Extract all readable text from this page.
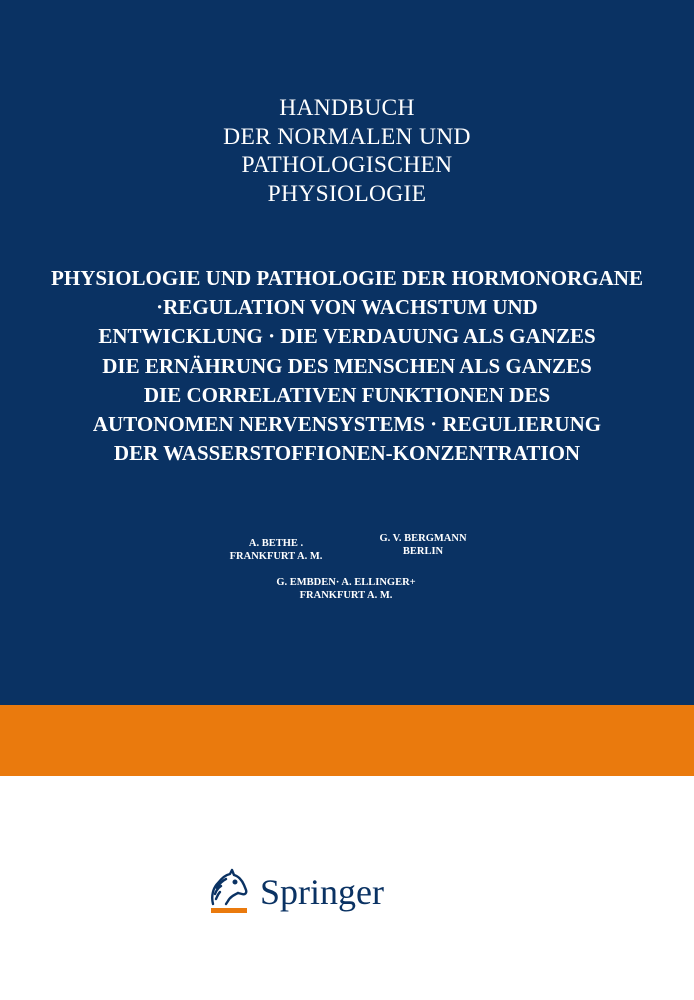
HANDBUCH
DER NORMALEN UND
PATHOLOGISCHEN
PHYSIOLOGIE
PHYSIOLOGIE UND PATHOLOGIE DER HORMONORGANE
·REGULATION VON WACHSTUM UND
ENTWICKLUNG · DIE VERDAUUNG ALS GANZES
DIE ERNÄHRUNG DES MENSCHEN ALS GANZES
DIE CORRELATIVEN FUNKTIONEN DES
AUTONOMEN NERVENSYSTEMS · REGULIERUNG
DER WASSERSTOFFIONEN-KONZENTRATION
A. BETHE .
FRANKFURT A. M.
G. V. BERGMANN
BERLIN
G. EMBDEN· A. ELLINGER+
FRANKFURT A. M.
Springer
